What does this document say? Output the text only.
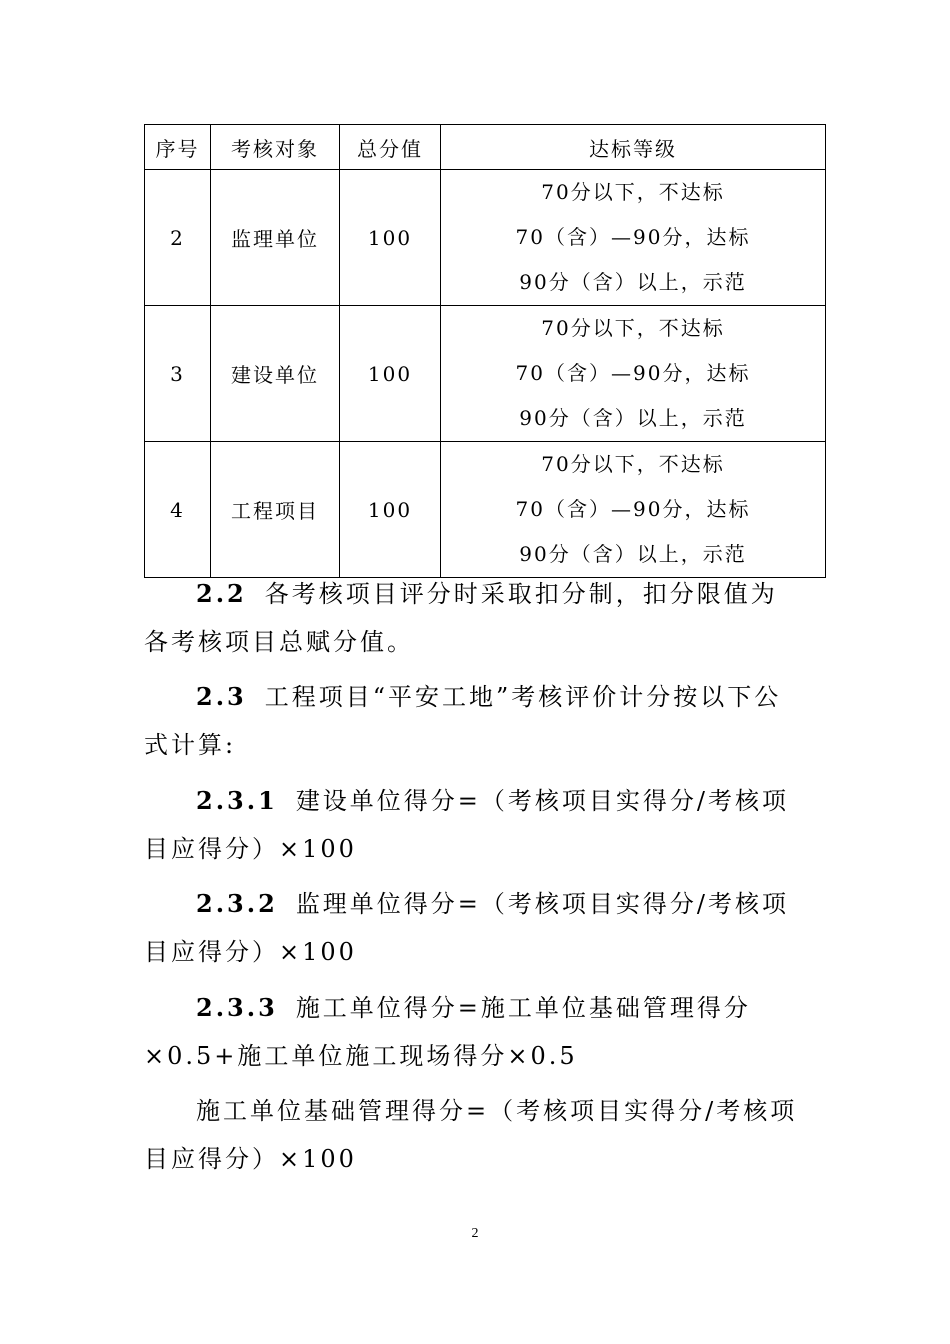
序号	考核对象	总分值	达标等级
2	监理单位	100	70分以下，不达标
70（含）—90分，达标
90分（含）以上，示范

3	建设单位	100	70分以下，不达标
70（含）—90分，达标
90分（含）以上，示范

4	工程项目	100	70分以下，不达标
70（含）—90分，达标
90分（含）以上，示范

2.2 各考核项目评分时采取扣分制，扣分限值为各考核项目总赋分值。

2.3 工程项目“平安工地”考核评价计分按以下公式计算:

2.3.1 建设单位得分=（考核项目实得分/考核项目应得分）×100

2.3.2 监理单位得分=（考核项目实得分/考核项目应得分）×100

2.3.3 施工单位得分=施工单位基础管理得分×0.5+施工单位施工现场得分×0.5

施工单位基础管理得分=（考核项目实得分/考核项目应得分）×100

2
